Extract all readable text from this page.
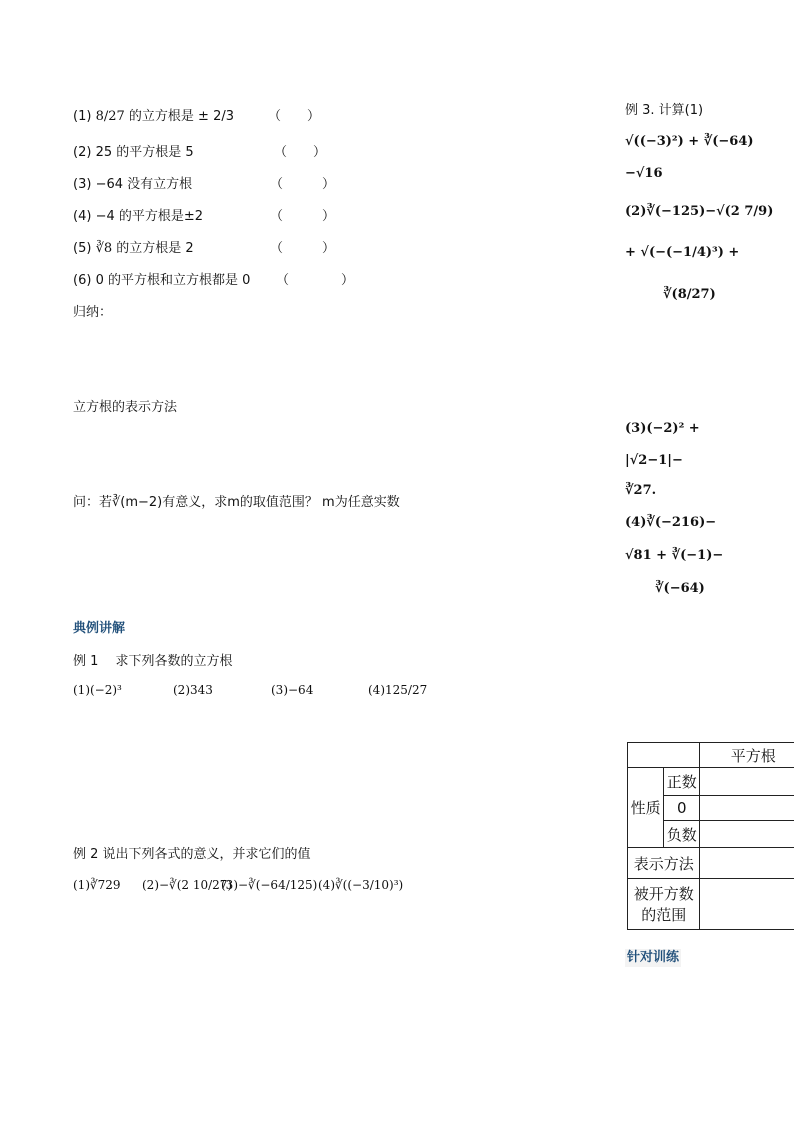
(1) 8/27 的立方根是 ± 2/3	（　　）
(2) 25 的平方根是 5	（　　）
(3) −64 没有立方根	（　　　）
(4) −4 的平方根是±2	（　　　）
(5) ∛8 的立方根是 2	（　　　）
(6) 0 的平方根和立方根都是 0 （　　　　）
归纳：
立方根的表示方法
问：若∛(m−2)有意义，求m的取值范围？ m为任意实数
典例讲解
例 1 　求下列各数的立方根
(1)(−2)³	(2)343	(3)−64	(4)125/27
例 2 说出下列各式的意义，并求它们的值
(1)∛729 (2)−∛(2 10/27)
(3)−∛(−64/125) (4)∛((−3/10)³)
例 3. 计算(1)
√((−3)²) + ∛(−64)
−√16
(2)∛(−125)−√(2 7/9)
+ √(−(−1/4)³) +
∛(8/27)
(3)(−2)² +
|√2−1|−
∛27.
(4)∛(−216)−
√81 + ∛(−1)−
∛(−64)
		平方根
性质	正数	
	0	
	负数	
表示方法		
被开方数的范围		
针对训练
